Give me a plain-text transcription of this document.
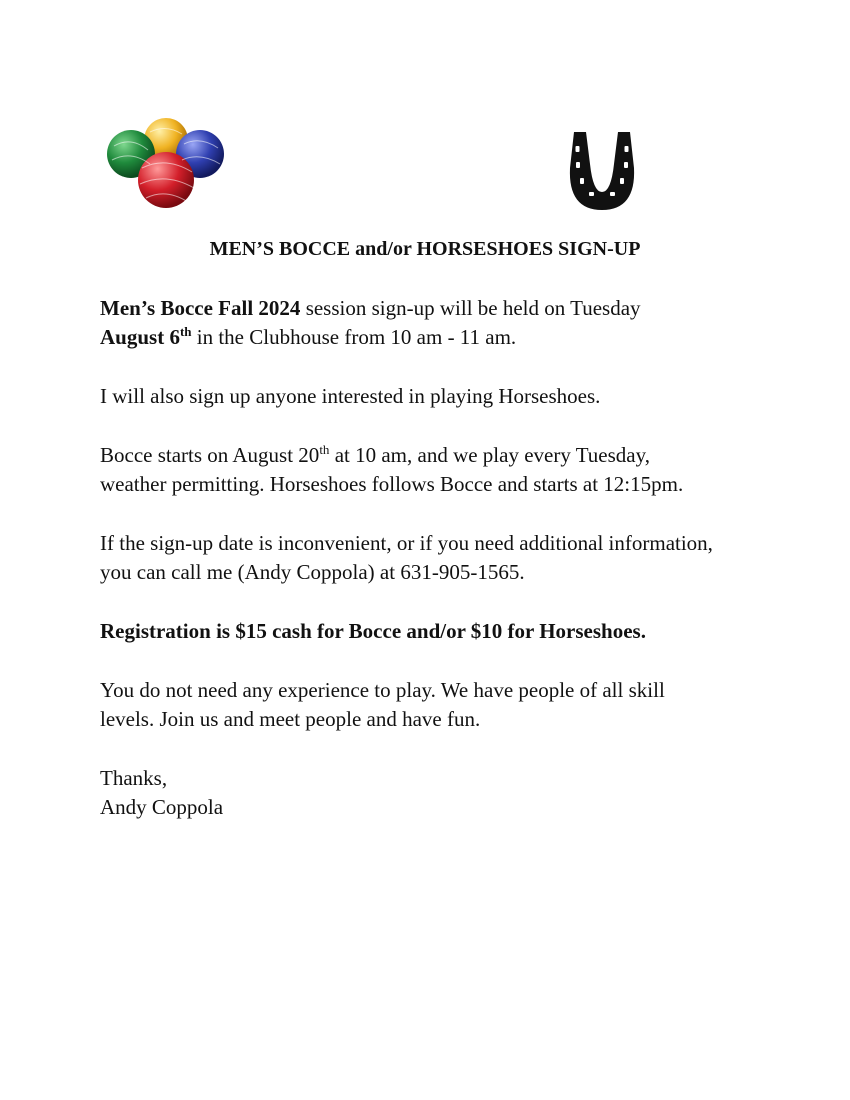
MEN’S BOCCE and/or HORSESHOES SIGN-UP

Men’s Bocce Fall 2024 session sign-up will be held on Tuesday
August 6th in the Clubhouse from 10 am - 11 am.

I will also sign up anyone interested in playing Horseshoes.

Bocce starts on August 20th at 10 am, and we play every Tuesday,
weather permitting. Horseshoes follows Bocce and starts at 12:15pm.

If the sign-up date is inconvenient, or if you need additional information,
you can call me (Andy Coppola) at 631-905-1565.

Registration is $15 cash for Bocce and/or $10 for Horseshoes.

You do not need any experience to play. We have people of all skill
levels. Join us and meet people and have fun.

Thanks,
Andy Coppola
